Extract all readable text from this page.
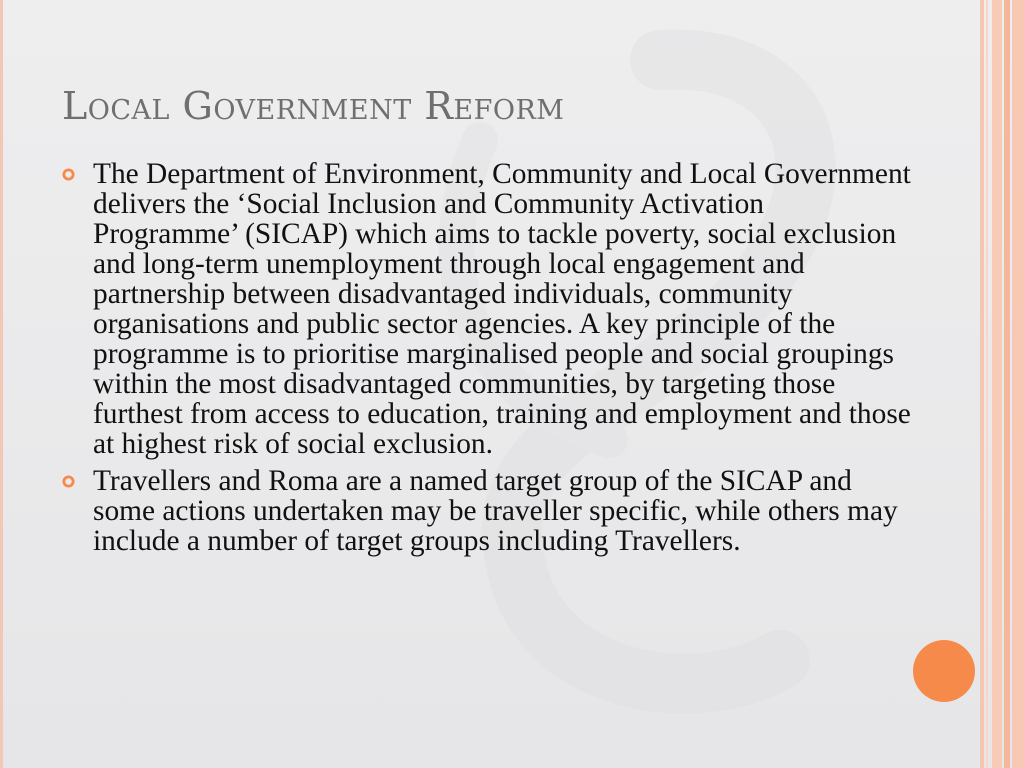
Local Government Reform

The Department of Environment, Community and Local Government delivers the ‘Social Inclusion and Community Activation Programme’ (SICAP) which aims to tackle poverty, social exclusion and long-term unemployment through local engagement and partnership between disadvantaged individuals, community organisations and public sector agencies. A key principle of the programme is to prioritise marginalised people and social groupings within the most disadvantaged communities, by targeting those furthest from access to education, training and employment and those at highest risk of social exclusion.

Travellers and Roma are a named target group of the SICAP and some actions undertaken may be traveller specific, while others may include a number of target groups including Travellers.
